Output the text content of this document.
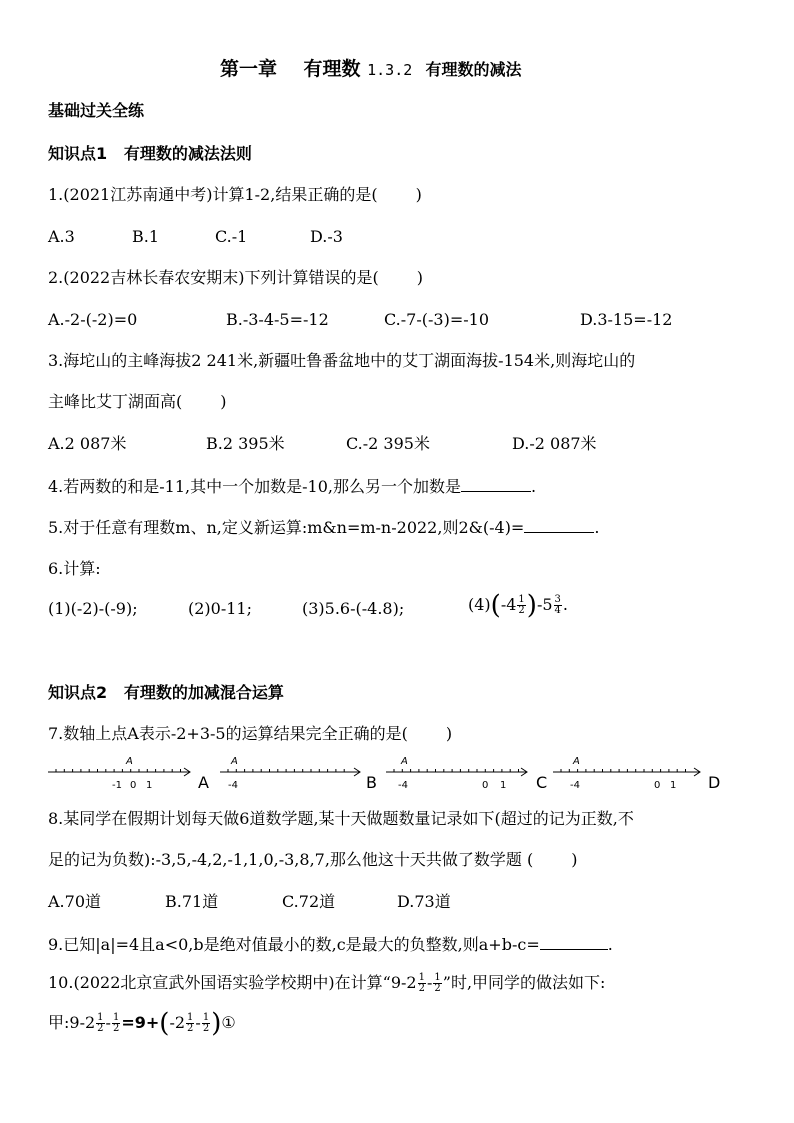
第一章 有理数 1.3.2 有理数的减法
基础过关全练
知识点1 有理数的减法法则
1.(2021江苏南通中考)计算1-2,结果正确的是( )
A.3	B.1	C.-1	D.-3
2.(2022吉林长春农安期末)下列计算错误的是( )
A.-2-(-2)=0	B.-3-4-5=-12	C.-7-(-3)=-10	D.3-15=-12
3.海坨山的主峰海拔2 241米,新疆吐鲁番盆地中的艾丁湖面海拔-154米,则海坨山的
主峰比艾丁湖面高( )
A.2 087米	B.2 395米	C.-2 395米	D.-2 087米
4.若两数的和是-11,其中一个加数是-10,那么另一个加数是	.
5.对于任意有理数m、n,定义新运算:m&n=m-n-2022,则2&(-4)=	.
6.计算:
(1)(-2)-(-9);	(2)0-11;	(3)5.6-(-4.8);	$(4)(-4 \frac{1}{2} )-5 \frac{3}{4}$ .
知识点2 有理数的加减混合运算
7.数轴上点A表示-2+3-5的运算结果完全正确的是( )
-1 0 1
A
-4
A
-4	0 1
A
-4	0 1
A
A	B	C	D
8.某同学在假期计划每天做6道数学题,某十天做题数量记录如下(超过的记为正数,不
足的记为负数):-3,5,-4,2,-1,1,0,-3,8,7,那么他这十天共做了数学题 ( )
A.70道	B.71道	C.72道	D.73道
9.已知|a|=4且a<0,b是绝对值最小的数,c是最大的负整数,则a+b-c=	.
10.(2022北京宣武外国语实验学校期中)在计算“$9-2 \frac{1}{2} - \frac{1}{2}$ ”时,甲同学的做法如下:
甲:9-2 $\frac{1}{2} - \frac{1}{2} =9+(-2 \frac{1}{2} - \frac{1}{2}$ )①
